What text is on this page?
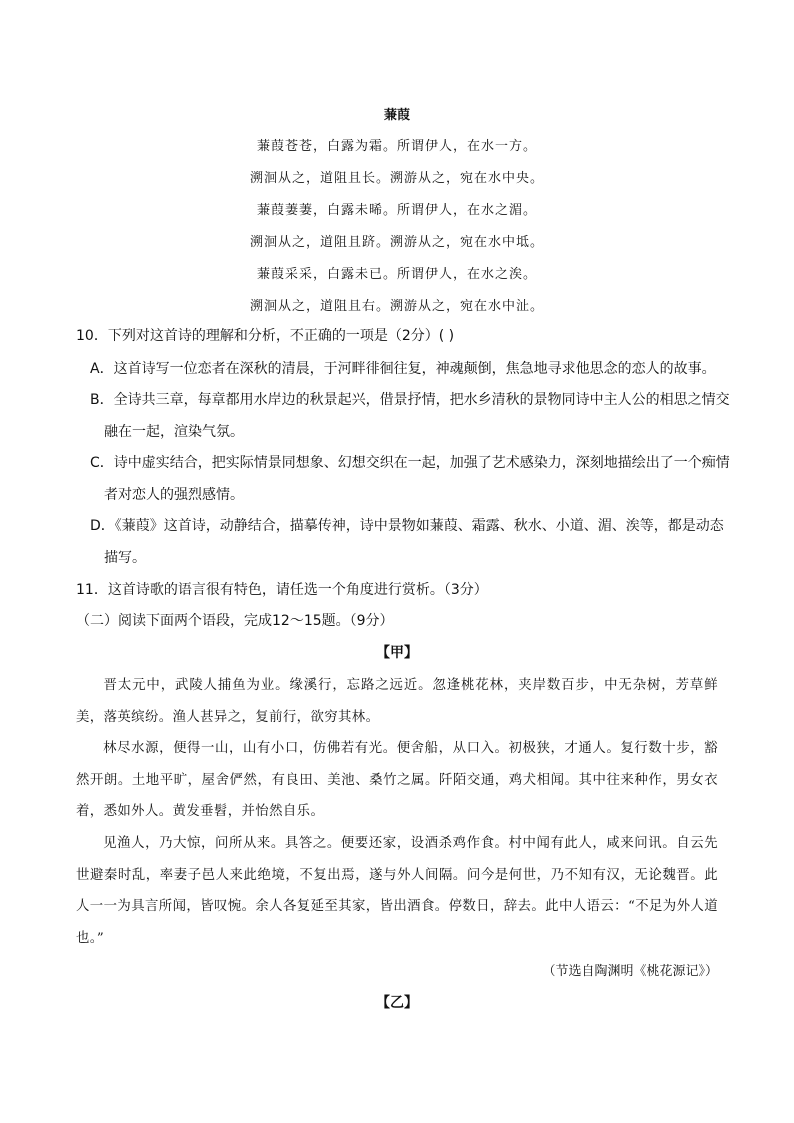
蒹葭
蒹葭苍苍，白露为霜。所谓伊人，在水一方。
溯洄从之，道阻且长。溯游从之，宛在水中央。
蒹葭萋萋，白露未晞。所谓伊人，在水之湄。
溯洄从之，道阻且跻。溯游从之，宛在水中坻。
蒹葭采采，白露未已。所谓伊人，在水之涘。
溯洄从之，道阻且右。溯游从之，宛在水中沚。
10．下列对这首诗的理解和分析，不正确的一项是（2分）( )
A．这首诗写一位恋者在深秋的清晨，于河畔徘徊往复，神魂颠倒，焦急地寻求他思念的恋人的故事。
B．全诗共三章，每章都用水岸边的秋景起兴，借景抒情，把水乡清秋的景物同诗中主人公的相思之情交
融在一起，渲染气氛。
C．诗中虚实结合，把实际情景同想象、幻想交织在一起，加强了艺术感染力，深刻地描绘出了一个痴情
者对恋人的强烈感情。
D．《蒹葭》这首诗，动静结合，描摹传神，诗中景物如蒹葭、霜露、秋水、小道、湄、涘等，都是动态
描写。
11．这首诗歌的语言很有特色，请任选一个角度进行赏析。（3分）
（二）阅读下面两个语段，完成12～15题。（9分）
【甲】
晋太元中，武陵人捕鱼为业。缘溪行，忘路之远近。忽逢桃花林，夹岸数百步，中无杂树，芳草鲜美，落英缤纷。渔人甚异之，复前行，欲穷其林。
林尽水源，便得一山，山有小口，仿佛若有光。便舍船，从口入。初极狭，才通人。复行数十步，豁然开朗。土地平旷，屋舍俨然，有良田、美池、桑竹之属。阡陌交通，鸡犬相闻。其中往来种作，男女衣着，悉如外人。黄发垂髫，并怡然自乐。
见渔人，乃大惊，问所从来。具答之。便要还家，设酒杀鸡作食。村中闻有此人，咸来问讯。自云先世避秦时乱，率妻子邑人来此绝境，不复出焉，遂与外人间隔。问今是何世，乃不知有汉，无论魏晋。此人一一为具言所闻，皆叹惋。余人各复延至其家，皆出酒食。停数日，辞去。此中人语云：“不足为外人道也。”
（节选自陶渊明《桃花源记》）
【乙】
